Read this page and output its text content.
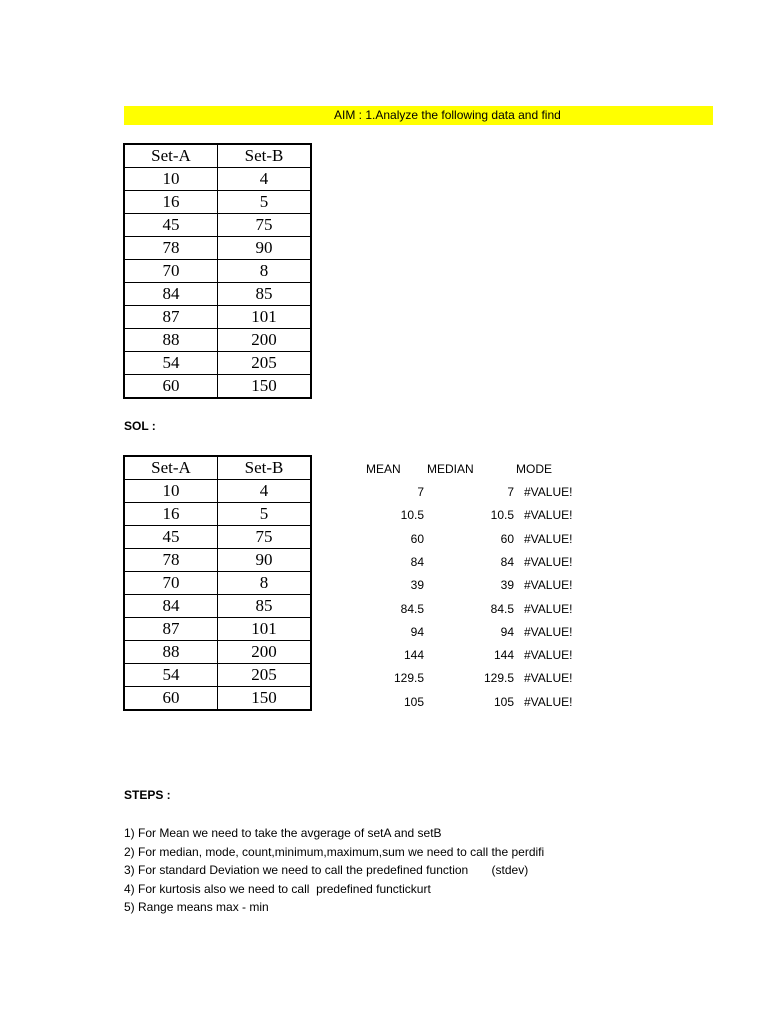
AIM : 1.Analyze the following data and find
Set-A	Set-B
10	4
16	5
45	75
78	90
70	8
84	85
87	101
88	200
54	205
60	150
SOL :
Set-A	Set-B
10	4
16	5
45	75
78	90
70	8
84	85
87	101
88	200
54	205
60	150
MEAN MEDIAN	MODE
7	7 #VALUE!
10.5	10.5 #VALUE!
60	60 #VALUE!
84	84 #VALUE!
39	39 #VALUE!
84.5	84.5 #VALUE!
94	94 #VALUE!
144	144 #VALUE!
129.5	129.5 #VALUE!
105	105 #VALUE!
STEPS :
1) For Mean we need to take the avgerage of setA and setB
2) For median, mode, count,minimum,maximum,sum we need to call the perdifi
3) For standard Deviation we need to call the predefined function       (stdev)
4) For kurtosis also we need to call  predefined functickurt
5) Range means max - min
